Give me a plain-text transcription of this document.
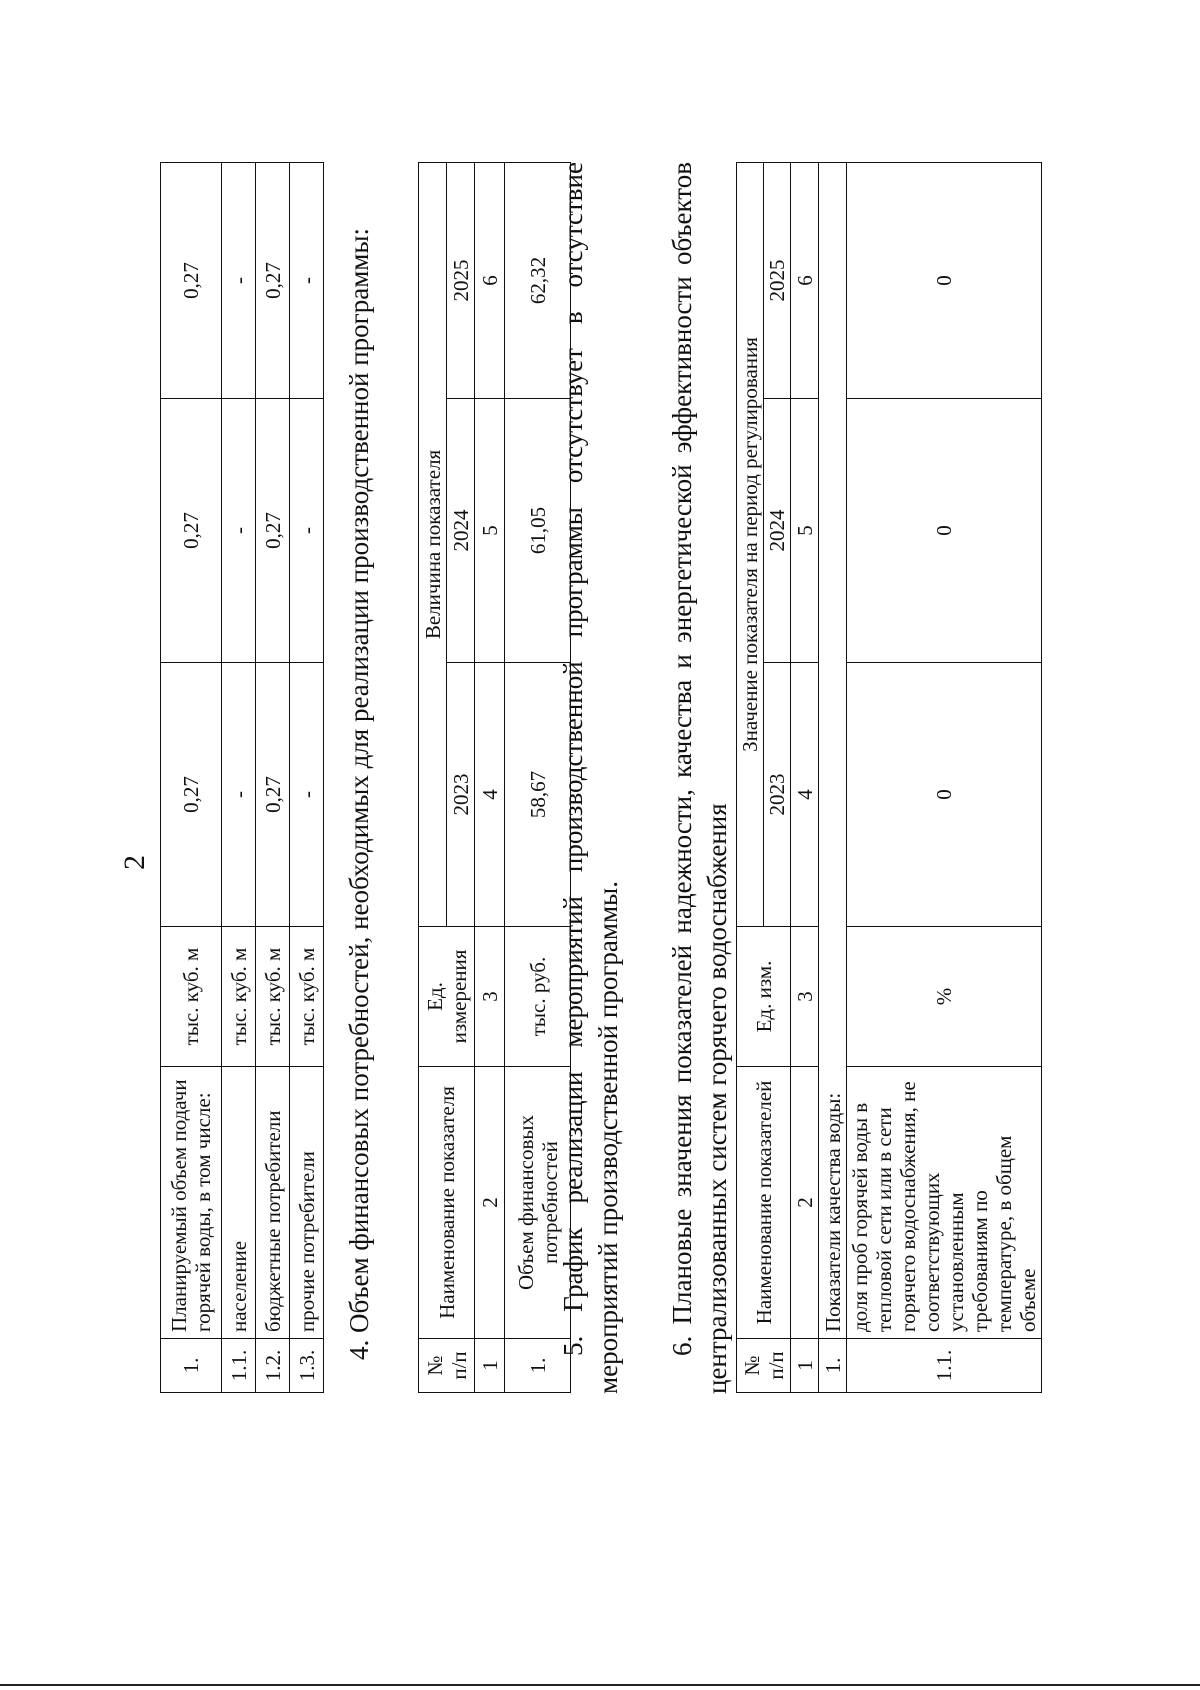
2
1.	Планируемый объем подачи горячей воды, в том числе:	тыс. куб. м	0,27	0,27	0,27
1.1.	население	тыс. куб. м	-	-	-
1.2.	бюджетные потребители	тыс. куб. м	0,27	0,27	0,27
1.3.	прочие потребители	тыс. куб. м	-	-	- 4. Объем финансовых потребностей, необходимых для реализации производственной программы:
№ п/п	Наименование показателя	Ед. измерения	Величина показателя		
			2023	2024	2025
1	2	3	4	5	6
1.	Объем финансовых потребностей	тыс. руб.	58,67	61,05	62,32 5. График реализации мероприятий производственной программы отсутствует в отсутствие мероприятий производственной программы. 6. Плановые значения показателей надежности, качества и энергетической эффективности объектов централизованных систем горячего водоснабжения № п/п	Наименование показателей	Ед. изм.	Значение показателя на период регулирования		
			2023	2024	2025
1	2	3	4	5	6
1.	Показатели качества воды:				
1.1.	доля проб горячей воды в тепловой сети или в сети горячего водоснабжения, не соответствующих установленным требованиям по температуре, в общем объеме	%	0	0	0
